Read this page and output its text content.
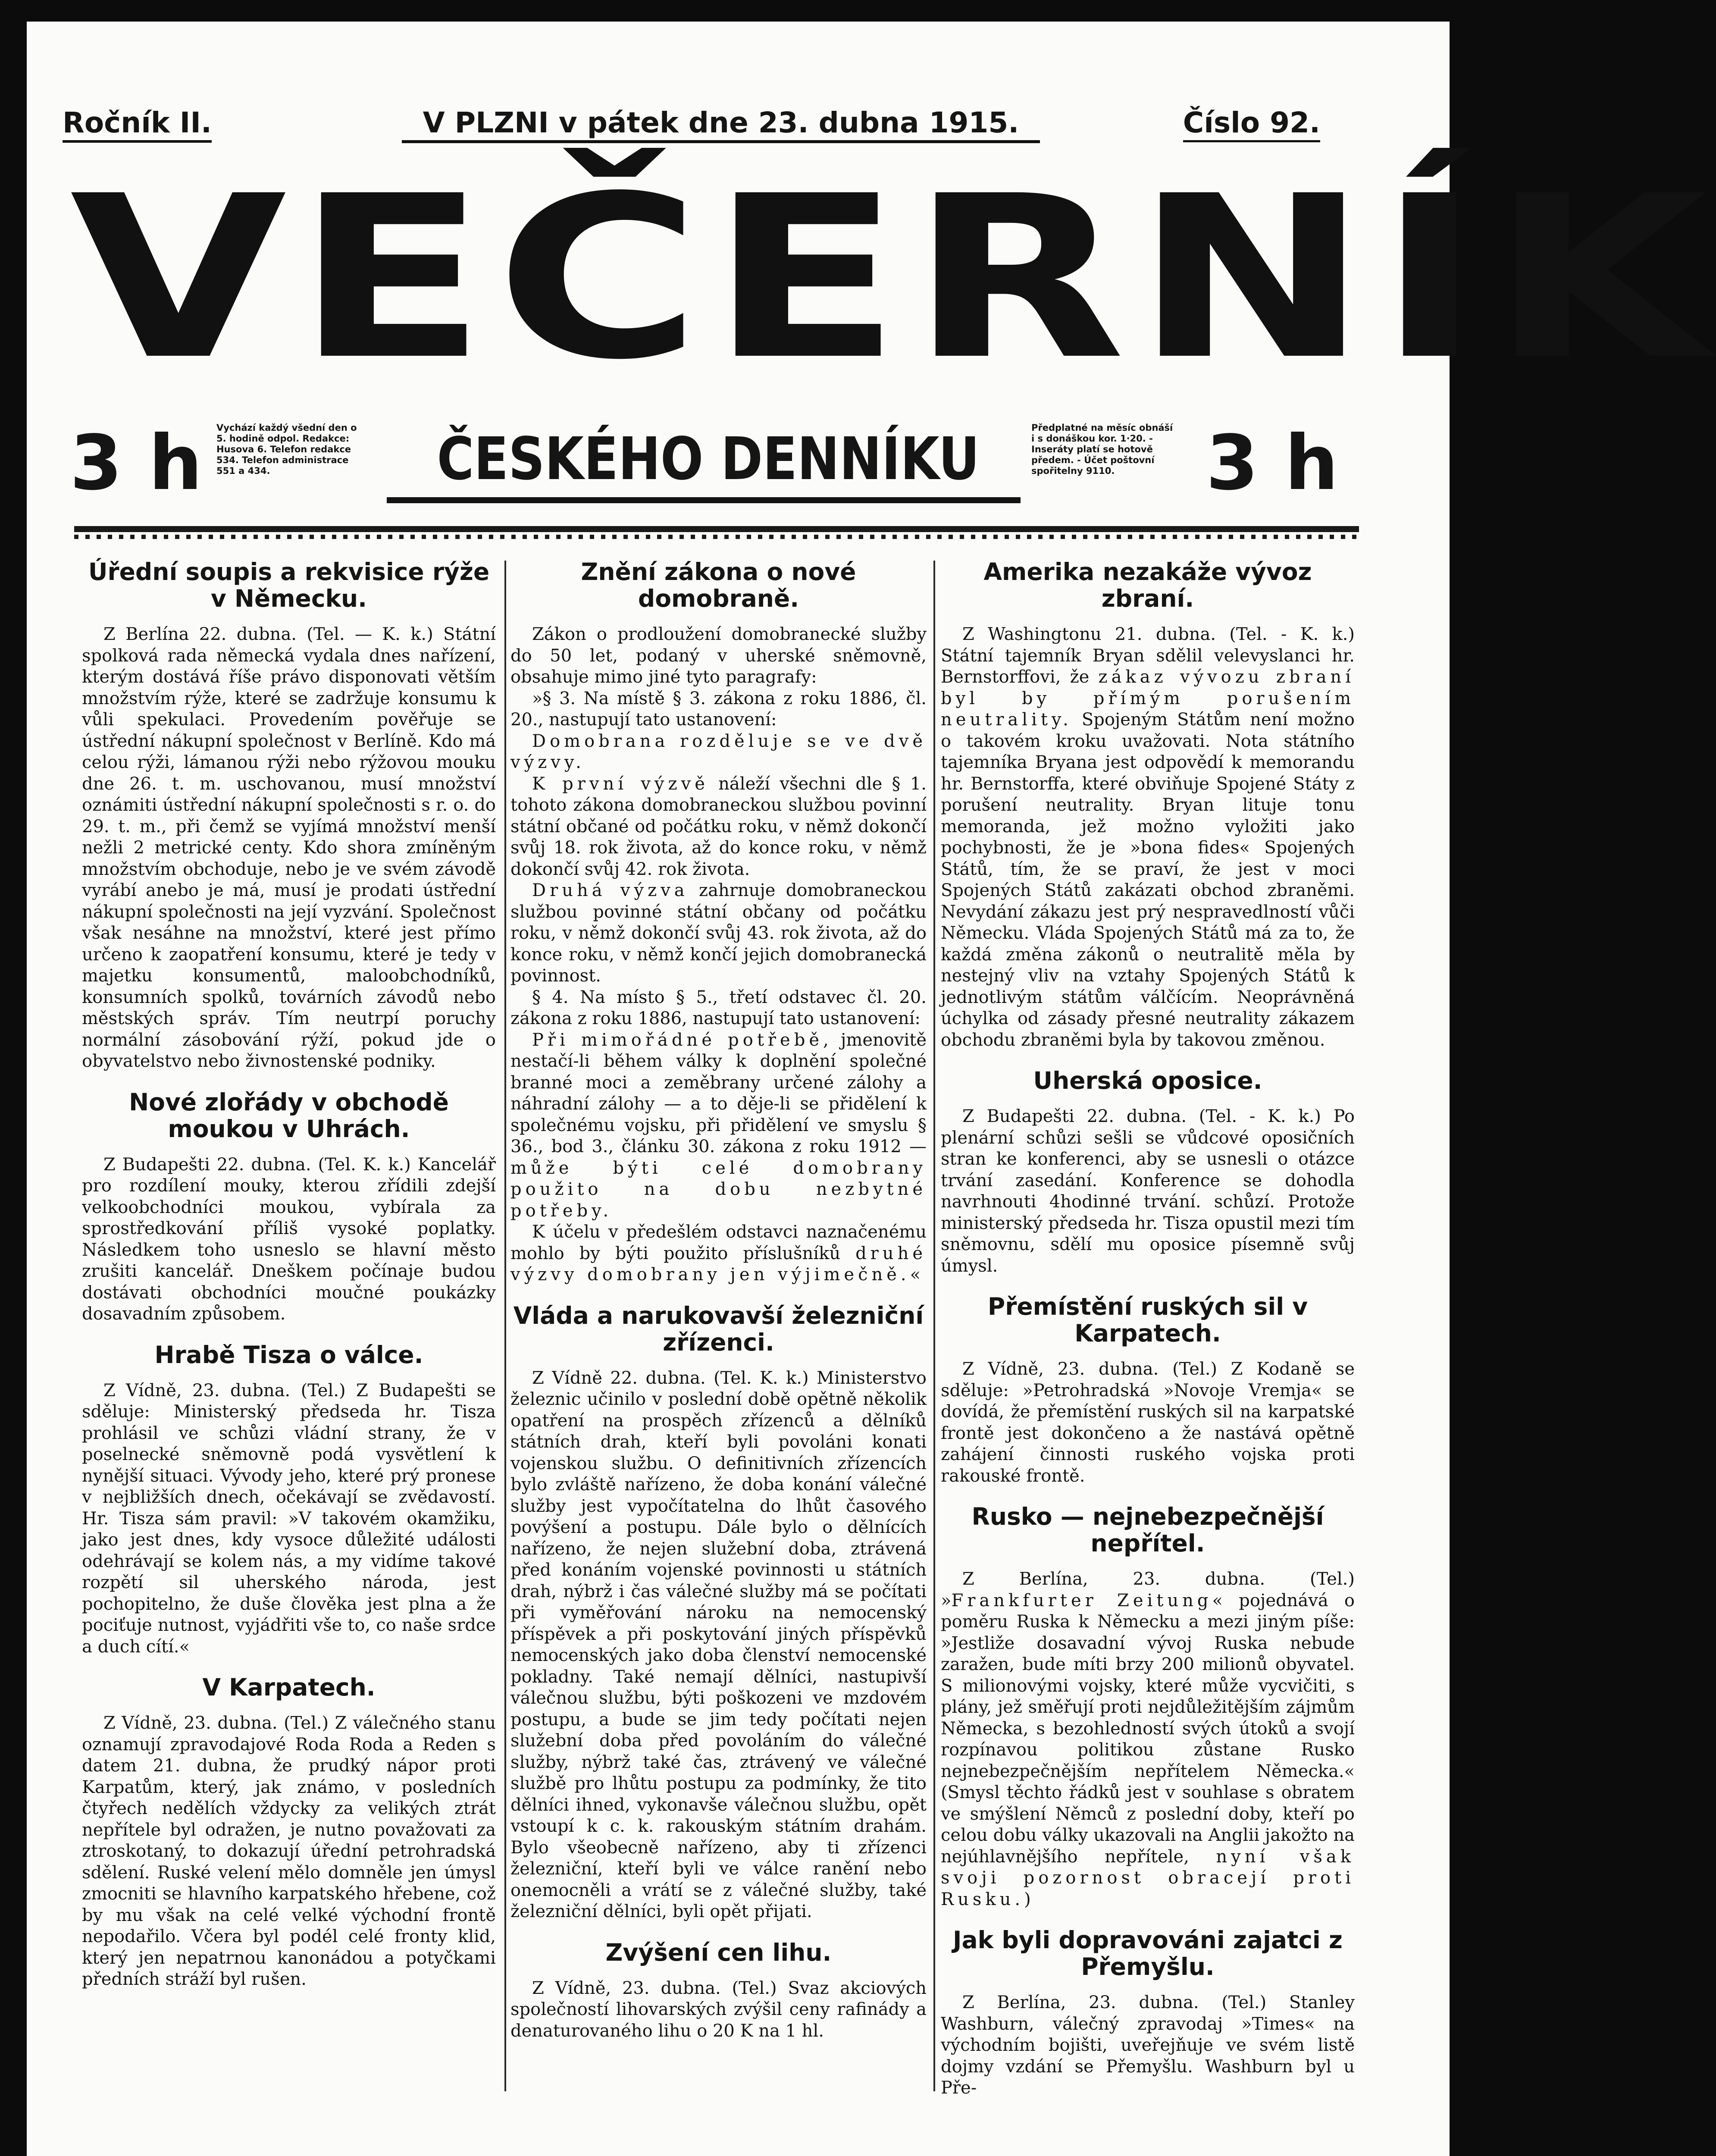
Ročník II.	V PLZNI v pátek dne 23. dubna 1915.	Číslo 92.
VEČERNÍK
3 h Vychází každý všední den o 5. hodině odpol. Redakce: Husova 6. Telefon redakce 534. Telefon administrace 551 a 434.	ČESKÉHO DENNÍKU	Předplatné na měsíc obnáší i s donáškou kor. 1·20. - Inseráty platí se hotově předem. - Účet poštovní spořitelny 9110.	3 h
Úřední soupis a rekvisice rýže v Německu.

Z Berlína 22. dubna. (Tel. — K. k.) Státní spolková rada německá vydala dnes nařízení, kterým dostává říše právo disponovati větším množstvím rýže, které se zadržuje konsumu k vůli spekulaci. Provedením pověřuje se ústřední nákupní společnost v Berlíně. Kdo má celou rýži, lámanou rýži nebo rýžovou mouku dne 26. t. m. uschovanou, musí množství oznámiti ústřední nákupní společnosti s r. o. do 29. t. m., při čemž se vyjímá množství menší nežli 2 metrické centy. Kdo shora zmíněným množstvím obchoduje, nebo je ve svém závodě vyrábí anebo je má, musí je prodati ústřední nákupní společnosti na její vyzvání. Společnost však nesáhne na množství, které jest přímo určeno k zaopatření konsumu, které je tedy v majetku konsumentů, maloobchodníků, konsumních spolků, továrních závodů nebo městských správ. Tím neutrpí poruchy normální zásobování rýží, pokud jde o obyvatelstvo nebo živnostenské podniky.

Nové zlořády v obchodě moukou v Uhrách.

Z Budapešti 22. dubna. (Tel. K. k.) Kancelář pro rozdílení mouky, kterou zřídili zdejší velkoobchodníci moukou, vybírala za sprostředkování příliš vysoké poplatky. Následkem toho usneslo se hlavní město zrušiti kancelář. Dneškem počínaje budou dostávati obchodníci moučné poukázky dosavadním způsobem.

Hrabě Tisza o válce.

Z Vídně, 23. dubna. (Tel.) Z Budapešti se sděluje: Ministerský předseda hr. Tisza prohlásil ve schůzi vládní strany, že v poselnecké sněmovně podá vysvětlení k nynější situaci. Vývody jeho, které prý pronese v nejbližších dnech, očekávají se zvědavostí. Hr. Tisza sám pravil: »V takovém okamžiku, jako jest dnes, kdy vysoce důležité události odehrávají se kolem nás, a my vidíme takové rozpětí sil uherského národa, jest pochopitelno, že duše člověka jest plna a že pociťuje nutnost, vyjádřiti vše to, co naše srdce a duch cítí.«

V Karpatech.

Z Vídně, 23. dubna. (Tel.) Z válečného stanu oznamují zpravodajové Roda Roda a Reden s datem 21. dubna, že prudký nápor proti Karpatům, který, jak známo, v posledních čtyřech nedělích vždycky za velikých ztrát nepřítele byl odražen, je nutno považovati za ztroskotaný, to dokazují úřední petrohradská sdělení. Ruské velení mělo domněle jen úmysl zmocniti se hlavního karpatského hřebene, což by mu však na celé velké východní frontě nepodařilo. Včera byl podél celé fronty klid, který jen nepatrnou kanonádou a potyčkami předních stráží byl rušen.

Znění zákona o nové domobraně.

Zákon o prodloužení domobranecké služby do 50 let, podaný v uherské sněmovně, obsahuje mimo jiné tyto paragrafy:

»§ 3. Na místě § 3. zákona z roku 1886, čl. 20., nastupují tato ustanovení:

Domobrana rozděluje se ve dvě výzvy.

K první výzvě náleží všechni dle § 1. tohoto zákona domobraneckou službou povinní státní občané od počátku roku, v němž dokončí svůj 18. rok života, až do konce roku, v němž dokončí svůj 42. rok života.

Druhá výzva zahrnuje domobraneckou službou povinné státní občany od počátku roku, v němž dokončí svůj 43. rok života, až do konce roku, v němž končí jejich domobranecká povinnost.

§ 4. Na místo § 5., třetí odstavec čl. 20. zákona z roku 1886, nastupují tato ustanovení:

Při mimořádné potřebě, jmenovitě nestačí-li během války k doplnění společné branné moci a zeměbrany určené zálohy a náhradní zálohy — a to děje-li se přidělení k společnému vojsku, při přidělení ve smyslu § 36., bod 3., článku 30. zákona z roku 1912 — může býti celé domobrany použito na dobu nezbytné potřeby.

K účelu v předešlém odstavci naznačenému mohlo by býti použito příslušníků druhé výzvy domobrany jen výjimečně.«

Vláda a narukovavší železniční zřízenci.

Z Vídně 22. dubna. (Tel. K. k.) Ministerstvo železnic učinilo v poslední době opětně několik opatření na prospěch zřízenců a dělníků státních drah, kteří byli povoláni konati vojenskou službu. O definitivních zřízencích bylo zvláště nařízeno, že doba konání válečné služby jest vypočítatelna do lhůt časového povýšení a postupu. Dále bylo o dělnících nařízeno, že nejen služební doba, ztrávená před konáním vojenské povinnosti u státních drah, nýbrž i čas válečné služby má se počítati při vyměřování nároku na nemocenský příspěvek a při poskytování jiných příspěvků nemocenských jako doba členství nemocenské pokladny. Také nemají dělníci, nastupivší válečnou službu, býti poškozeni ve mzdovém postupu, a bude se jim tedy počítati nejen služební doba před povoláním do válečné služby, nýbrž také čas, ztrávený ve válečné službě pro lhůtu postupu za podmínky, že tito dělníci ihned, vykonavše válečnou službu, opět vstoupí k c. k. rakouským státním drahám. Bylo všeobecně nařízeno, aby ti zřízenci železniční, kteří byli ve válce ranění nebo onemocněli a vrátí se z válečné služby, také železniční dělníci, byli opět přijati.

Zvýšení cen lihu.

Z Vídně, 23. dubna. (Tel.) Svaz akciových společností lihovarských zvýšil ceny rafinády a denaturovaného lihu o 20 K na 1 hl.

Amerika nezakáže vývoz zbraní.

Z Washingtonu 21. dubna. (Tel. - K. k.) Státní tajemník Bryan sdělil velevyslanci hr. Bernstorffovi, že zákaz vývozu zbraní byl by přímým porušením neutrality. Spojeným Státům není možno o takovém kroku uvažovati. Nota státního tajemníka Bryana jest odpovědí k memorandu hr. Bernstorffa, které obviňuje Spojené Státy z porušení neutrality. Bryan lituje tonu memoranda, jež možno vyložiti jako pochybnosti, že je »bona fides« Spojených Států, tím, že se praví, že jest v moci Spojených Států zakázati obchod zbraněmi. Nevydání zákazu jest prý nespravedlností vůči Německu. Vláda Spojených Států má za to, že každá změna zákonů o neutralitě měla by nestejný vliv na vztahy Spojených Států k jednotlivým státům válčícím. Neoprávněná úchylka od zásady přesné neutrality zákazem obchodu zbraněmi byla by takovou změnou.

Uherská oposice.

Z Budapešti 22. dubna. (Tel. - K. k.) Po plenární schůzi sešli se vůdcové oposičních stran ke konferenci, aby se usnesli o otázce trvání zasedání. Konference se dohodla navrhnouti 4hodinné trvání. schůzí. Protože ministerský předseda hr. Tisza opustil mezi tím sněmovnu, sdělí mu oposice písemně svůj úmysl.

Přemístění ruských sil v Karpatech.

Z Vídně, 23. dubna. (Tel.) Z Kodaně se sděluje: »Petrohradská »Novoje Vremja« se dovídá, že přemístění ruských sil na karpatské frontě jest dokončeno a že nastává opětně zahájení činnosti ruského vojska proti rakouské frontě.

Rusko — nejnebezpečnější nepřítel.

Z Berlína, 23. dubna. (Tel.) »Frankfurter Zeitung« pojednává o poměru Ruska k Německu a mezi jiným píše: »Jestliže dosavadní vývoj Ruska nebude zaražen, bude míti brzy 200 milionů obyvatel. S milionovými vojsky, které může vycvičiti, s plány, jež směřují proti nejdůležitějším zájmům Německa, s bezohledností svých útoků a svojí rozpínavou politikou zůstane Rusko nejnebezpečnějším nepřítelem Německa.« (Smysl těchto řádků jest v souhlase s obratem ve smýšlení Němců z poslední doby, kteří po celou dobu války ukazovali na Anglii jakožto na nejúhlavnějšího nepřítele, nyní však svoji pozornost obracejí proti Rusku.)

Jak byli dopravováni zajatci z Přemyšlu.

Z Berlína, 23. dubna. (Tel.) Stanley Washburn, válečný zpravodaj »Times« na východním bojišti, uveřejňuje ve svém listě dojmy vzdání se Přemyšlu. Washburn byl u Pře-
